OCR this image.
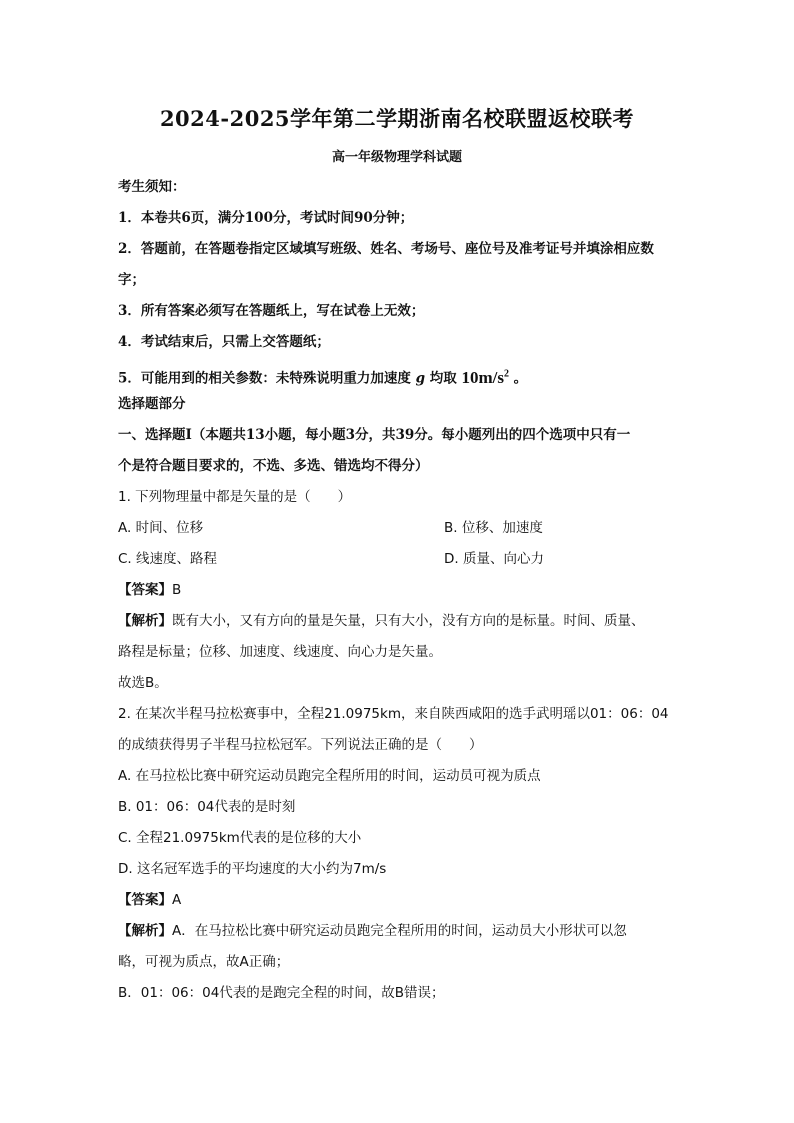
2024-2025学年第二学期浙南名校联盟返校联考
高一年级物理学科试题
考生须知：
1．本卷共6页，满分100分，考试时间90分钟；
2．答题前，在答题卷指定区域填写班级、姓名、考场号、座位号及准考证号并填涂相应数
字；
3．所有答案必须写在答题纸上，写在试卷上无效；
4．考试结束后，只需上交答题纸；
5．可能用到的相关参数：未特殊说明重力加速度 g 均取 $10m/s^2$ 。
选择题部分
一、选择题Ⅰ（本题共13小题，每小题3分，共39分。每小题列出的四个选项中只有一
个是符合题目要求的，不选、多选、错选均不得分）
1. 下列物理量中都是矢量的是（　　）
A. 时间、位移	B. 位移、加速度
C. 线速度、路程	D. 质量、向心力
【答案】B
【解析】既有大小，又有方向的量是矢量，只有大小，没有方向的是标量。时间、质量、
路程是标量；位移、加速度、线速度、向心力是矢量。
故选B。
2. 在某次半程马拉松赛事中，全程21.0975km，来自陕西咸阳的选手武明瑶以01：06：04
的成绩获得男子半程马拉松冠军。下列说法正确的是（　　）
A. 在马拉松比赛中研究运动员跑完全程所用的时间，运动员可视为质点
B. 01：06：04代表的是时刻
C. 全程21.0975km代表的是位移的大小
D. 这名冠军选手的平均速度的大小约为7m/s
【答案】A
【解析】A．在马拉松比赛中研究运动员跑完全程所用的时间，运动员大小形状可以忽
略，可视为质点，故A正确；
B．01：06：04代表的是跑完全程的时间，故B错误；
